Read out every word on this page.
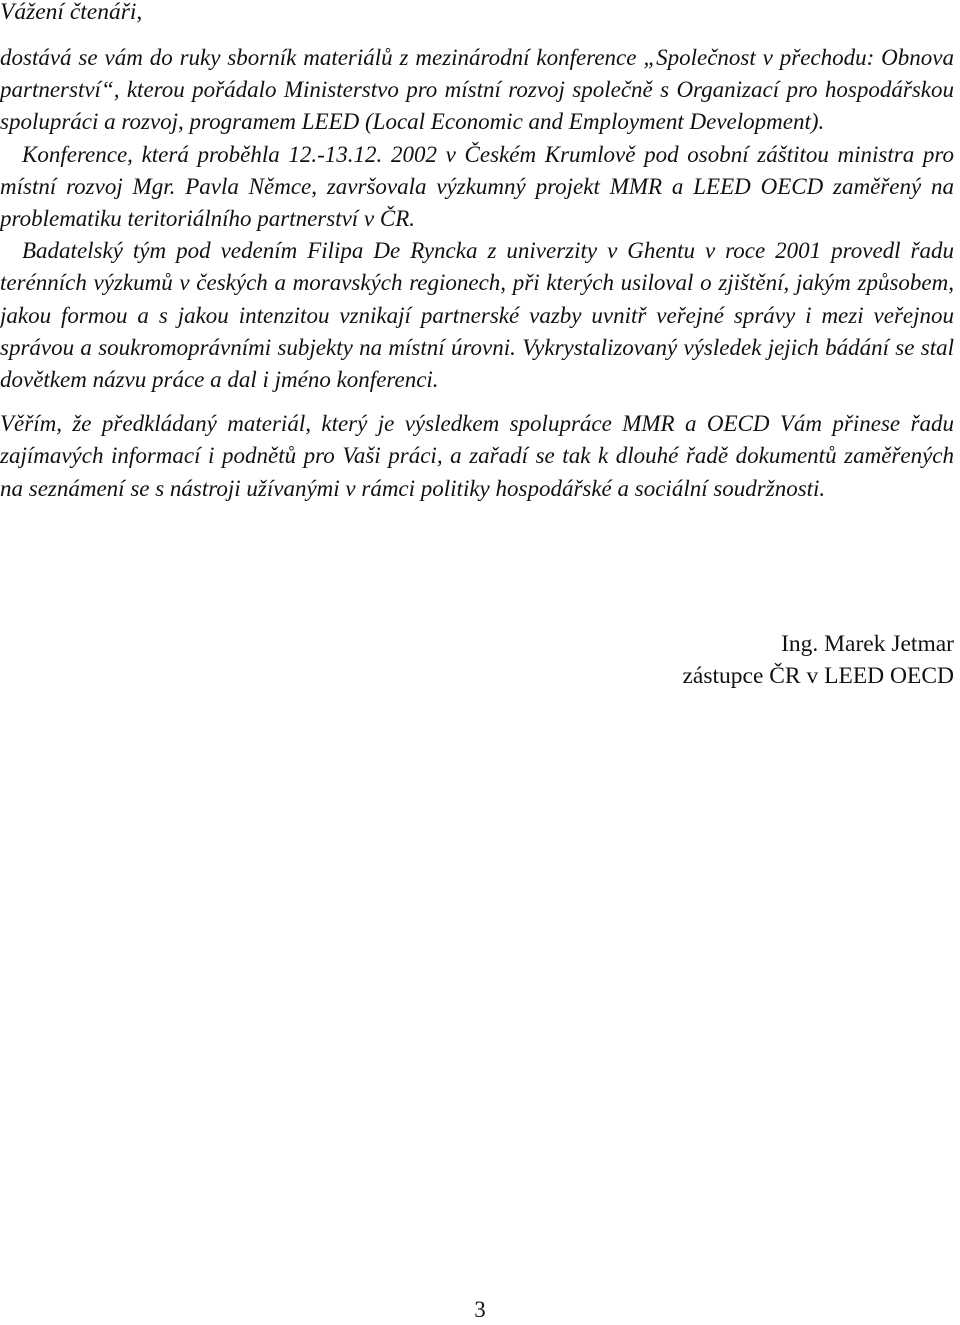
Vážení čtenáři,

dostává se vám do ruky sborník materiálů z mezinárodní konference „Společnost v přechodu: Obnova partnerství“, kterou pořádalo Ministerstvo pro místní rozvoj společně s Organizací pro hospodářskou spolupráci a rozvoj, programem LEED (Local Economic and Employment Development).

Konference, která proběhla 12.-13.12. 2002 v Českém Krumlově pod osobní záštitou ministra pro místní rozvoj Mgr. Pavla Němce, završovala výzkumný projekt MMR a LEED OECD zaměřený na problematiku teritoriálního partnerství v ČR.

Badatelský tým pod vedením Filipa De Ryncka z univerzity v Ghentu v roce 2001 provedl řadu terénních výzkumů v českých a moravských regionech, při kterých usiloval o zjištění, jakým způsobem, jakou formou a s jakou intenzitou vznikají partnerské vazby uvnitř veřejné správy i mezi veřejnou správou a soukromoprávními subjekty na místní úrovni. Vykrystalizovaný výsledek jejich bádání se stal dovětkem názvu práce a dal i jméno konferenci.

Věřím, že předkládaný materiál, který je výsledkem spolupráce MMR a OECD Vám přinese řadu zajímavých informací i podnětů pro Vaši práci, a zařadí se tak k dlouhé řadě dokumentů zaměřených na seznámení se s nástroji užívanými v rámci politiky hospodářské a sociální soudržnosti.

Ing. Marek Jetmar
zástupce ČR v LEED OECD
3
